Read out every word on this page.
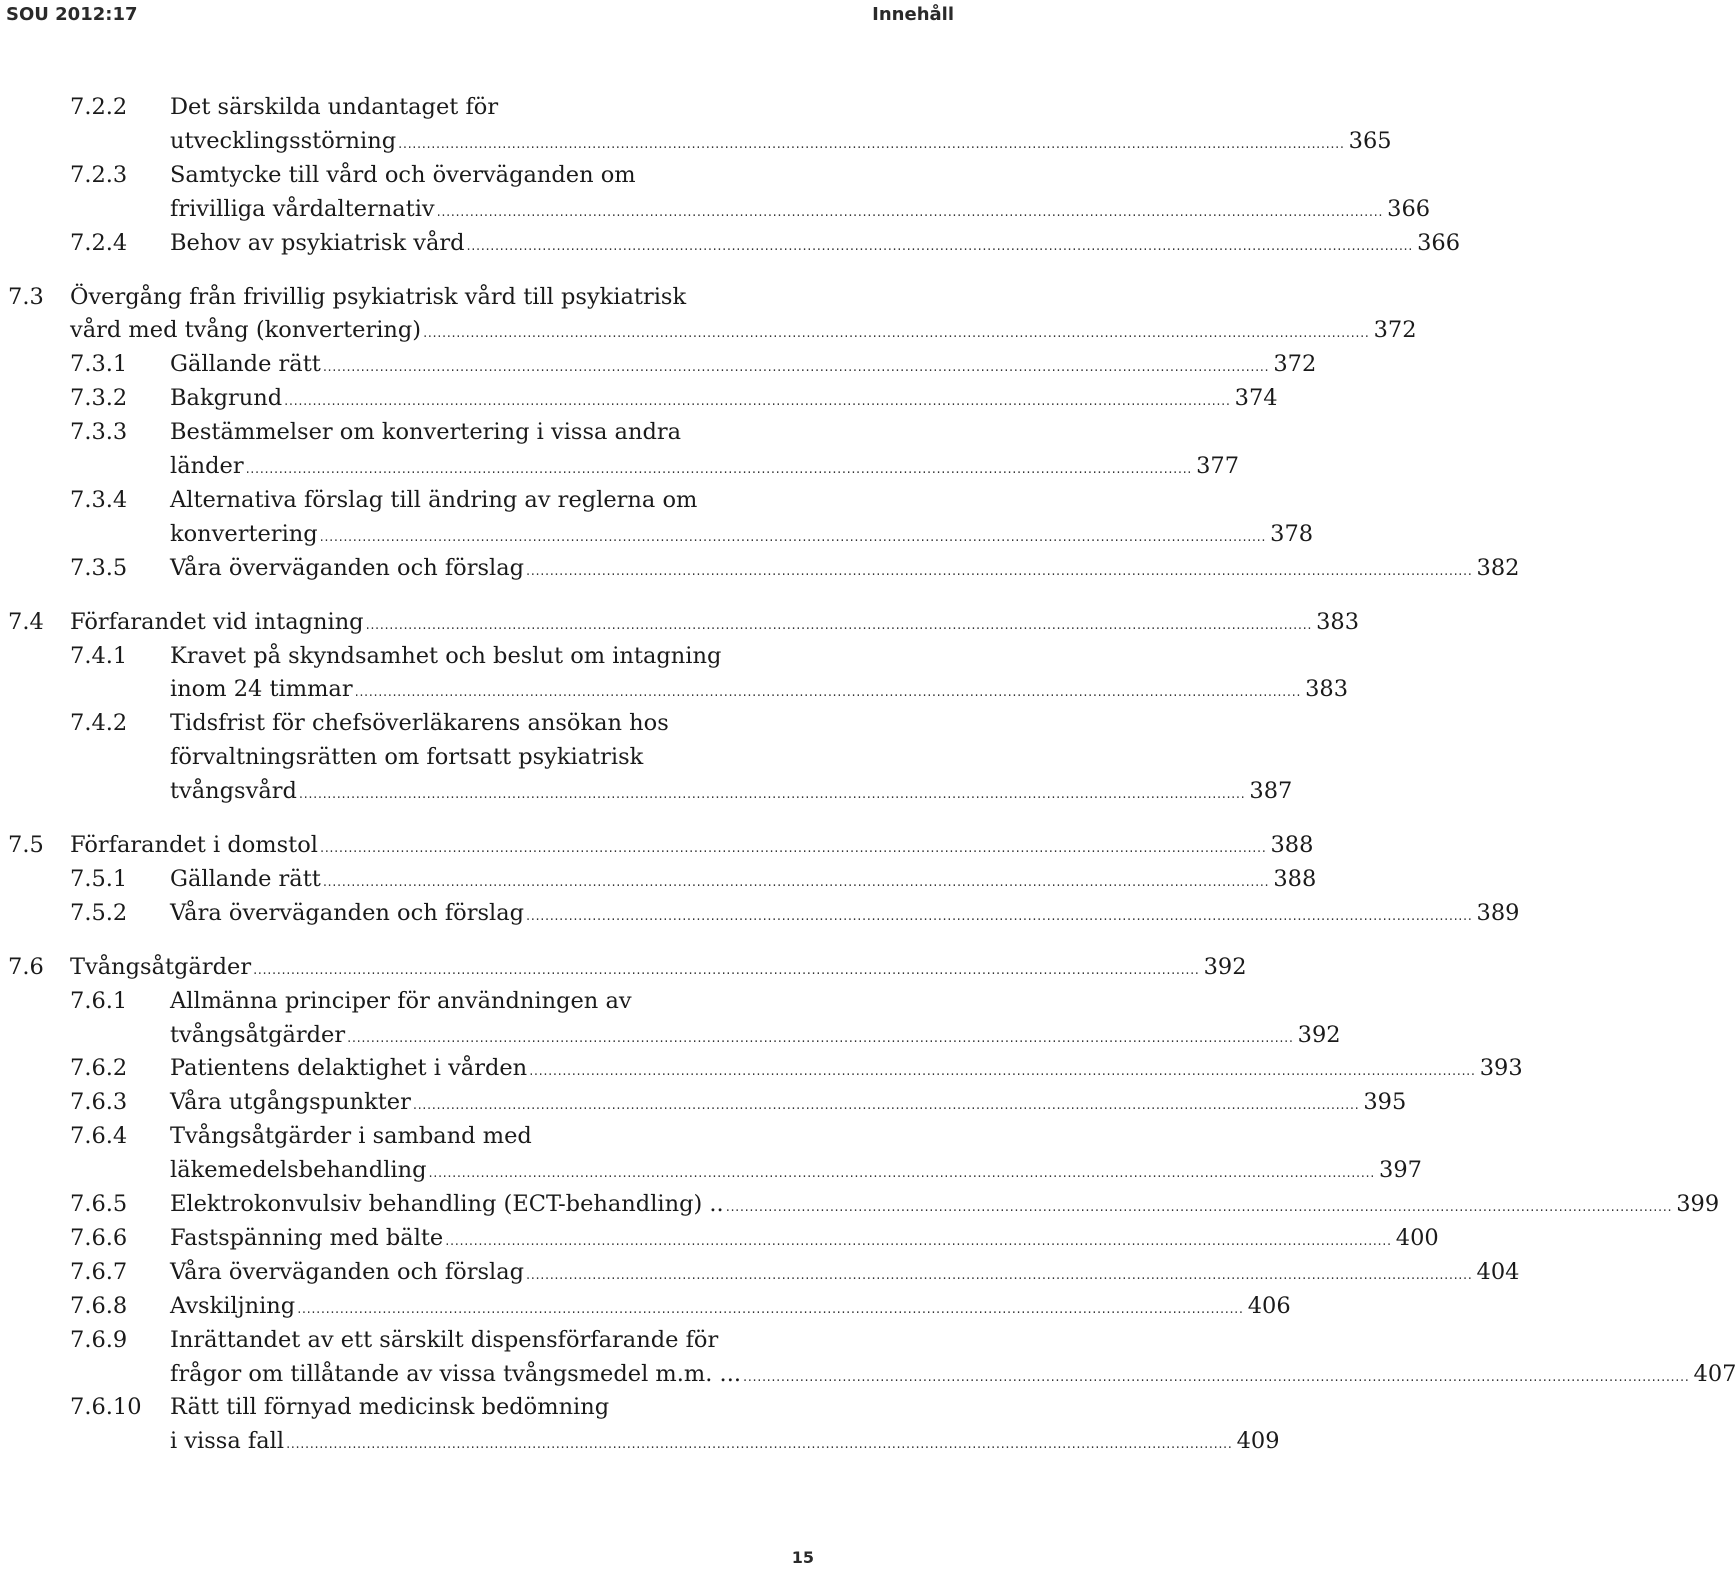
SOU 2012:17	Innehåll
7.2.2 Det särskilda undantaget för
utvecklingsstörning ........................................................................................................................................................................................................ 365
7.2.3 Samtycke till vård och överväganden om
frivilliga vårdalternativ ........................................................................................................................................................................................................ 366
7.2.4 Behov av psykiatrisk vård ........................................................................................................................................................................................................ 366
7.3 Övergång från frivillig psykiatrisk vård till psykiatrisk
vård med tvång (konvertering) ........................................................................................................................................................................................................ 372
7.3.1 Gällande rätt ........................................................................................................................................................................................................ 372
7.3.2 Bakgrund ........................................................................................................................................................................................................ 374
7.3.3 Bestämmelser om konvertering i vissa andra
länder ........................................................................................................................................................................................................ 377
7.3.4 Alternativa förslag till ändring av reglerna om
konvertering ........................................................................................................................................................................................................ 378
7.3.5 Våra överväganden och förslag ........................................................................................................................................................................................................ 382
7.4 Förfarandet vid intagning ........................................................................................................................................................................................................ 383
7.4.1 Kravet på skyndsamhet och beslut om intagning
inom 24 timmar ........................................................................................................................................................................................................ 383
7.4.2 Tidsfrist för chefsöverläkarens ansökan hos
förvaltningsrätten om fortsatt psykiatrisk
tvångsvård ........................................................................................................................................................................................................ 387
7.5 Förfarandet i domstol ........................................................................................................................................................................................................ 388
7.5.1 Gällande rätt ........................................................................................................................................................................................................ 388
7.5.2 Våra överväganden och förslag ........................................................................................................................................................................................................ 389
7.6 Tvångsåtgärder ........................................................................................................................................................................................................ 392
7.6.1 Allmänna principer för användningen av
tvångsåtgärder ........................................................................................................................................................................................................ 392
7.6.2 Patientens delaktighet i vården ........................................................................................................................................................................................................ 393
7.6.3 Våra utgångspunkter ........................................................................................................................................................................................................ 395
7.6.4 Tvångsåtgärder i samband med
läkemedelsbehandling ........................................................................................................................................................................................................ 397
7.6.5 Elektrokonvulsiv behandling (ECT-behandling) .. ........................................................................................................................................................................................................ 399
7.6.6 Fastspänning med bälte ........................................................................................................................................................................................................ 400
7.6.7 Våra överväganden och förslag ........................................................................................................................................................................................................ 404
7.6.8 Avskiljning ........................................................................................................................................................................................................ 406
7.6.9 Inrättandet av ett särskilt dispensförfarande för
frågor om tillåtande av vissa tvångsmedel m.m. ... ........................................................................................................................................................................................................ 407
7.6.10 Rätt till förnyad medicinsk bedömning
i vissa fall ........................................................................................................................................................................................................ 409
15
